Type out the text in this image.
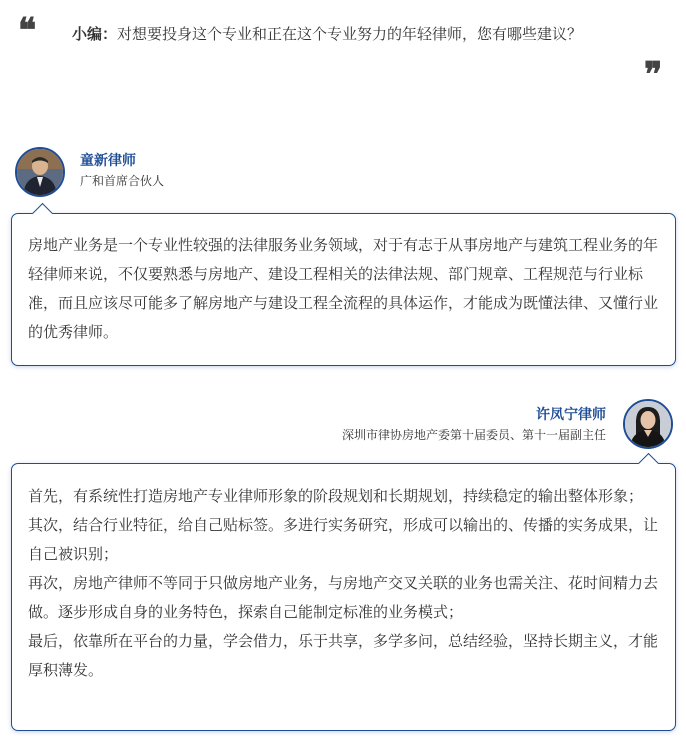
❝ 小编：对想要投身这个专业和正在这个专业努力的年轻律师，您有哪些建议？
❞
童新律师
广和首席合伙人

房地产业务是一个专业性较强的法律服务业务领域，对于有志于从事房地产与建筑工程业务的年轻律师来说，不仅要熟悉与房地产、建设工程相关的法律法规、部门规章、工程规范与行业标准，而且应该尽可能多了解房地产与建设工程全流程的具体运作，才能成为既懂法律、又懂行业的优秀律师。

许凤宁律师
深圳市律协房地产委第十届委员、第十一届副主任

首先，有系统性打造房地产专业律师形象的阶段规划和长期规划，持续稳定的输出整体形象；

其次，结合行业特征，给自己贴标签。多进行实务研究，形成可以输出的、传播的实务成果，让自己被识别；

再次，房地产律师不等同于只做房地产业务，与房地产交叉关联的业务也需关注、花时间精力去做。逐步形成自身的业务特色，探索自己能制定标准的业务模式；

最后，依靠所在平台的力量，学会借力，乐于共享，多学多问，总结经验，坚持长期主义，才能厚积薄发。
